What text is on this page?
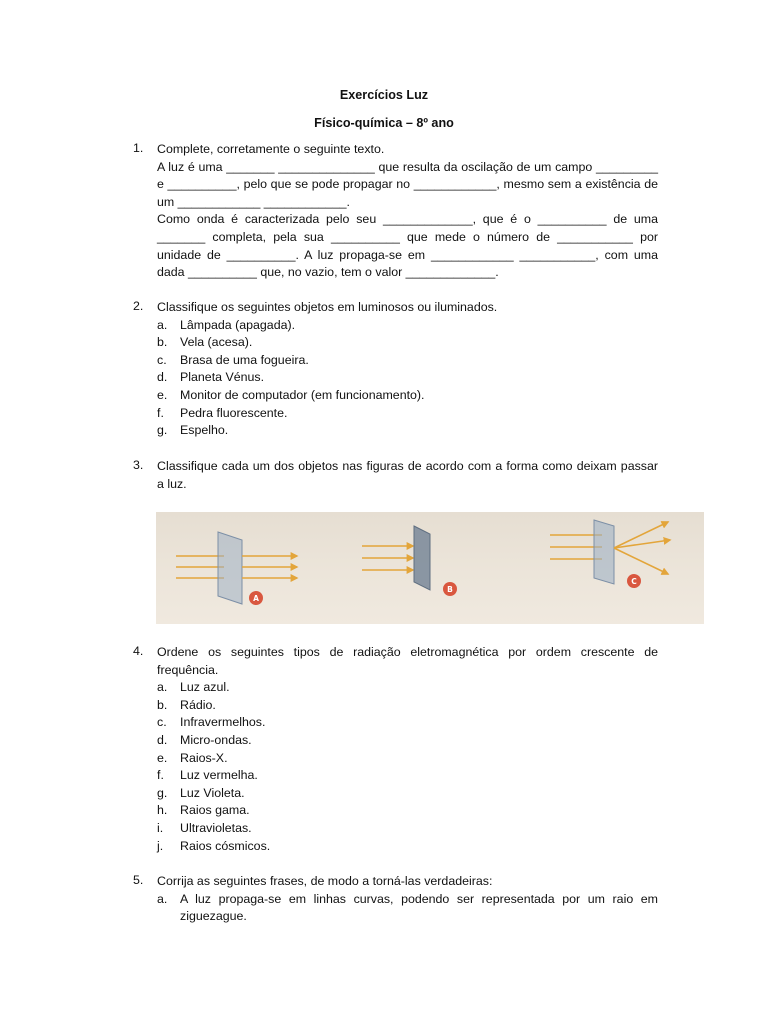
Exercícios Luz
Físico-química – 8º ano
1.	Complete, corretamente o seguinte texto.

A luz é uma _______ ______________ que resulta da oscilação de um campo _________ e __________, pelo que se pode propagar no ____________, mesmo sem a existência de um ____________ ____________.

Como onda é caracterizada pelo seu _____________, que é o __________ de uma _______ completa, pela sua __________ que mede o número de ___________ por unidade de __________. A luz propaga-se em ____________ ___________, com uma dada __________ que, no vazio, tem o valor _____________.

2.	Classifique os seguintes objetos em luminosos ou iluminados.

a. Lâmpada (apagada).
b. Vela (acesa).
c. Brasa de uma fogueira.
d. Planeta Vénus.
e. Monitor de computador (em funcionamento).
f. Pedra fluorescente.
g. Espelho.
3.	Classifique cada um dos objetos nas figuras de acordo com a forma como deixam passar a luz.

A
B
C
4.	Ordene os seguintes tipos de radiação eletromagnética por ordem crescente de frequência.

a. Luz azul.
b. Rádio.
c. Infravermelhos.
d. Micro-ondas.
e. Raios-X.
f. Luz vermelha.
g. Luz Violeta.
h. Raios gama.
i. Ultravioletas.
j. Raios cósmicos.
5.	Corrija as seguintes frases, de modo a torná-las verdadeiras:

a. A luz propaga-se em linhas curvas, podendo ser representada por um raio em ziguezague.
